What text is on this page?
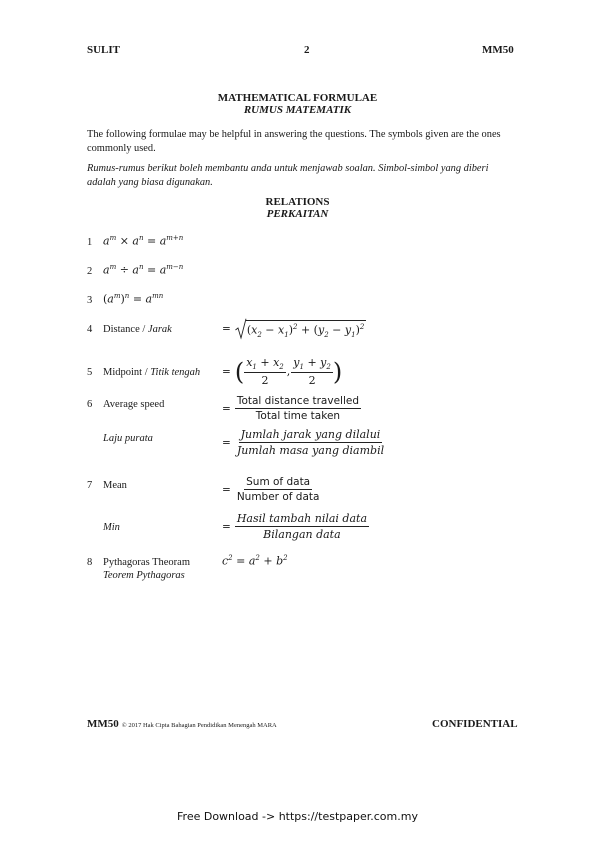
SULIT	2	MM50
MATHEMATICAL FORMULAE
RUMUS MATEMATIK
The following formulae may be helpful in answering the questions. The symbols given are the ones
commonly used.
Rumus-rumus berikut boleh membantu anda untuk menjawab soalan. Simbol-simbol yang diberi
adalah yang biasa digunakan.
RELATIONS
PERKAITAN
1 $a^m \times a^n = a^{m+n}$
2 $a^m \div a^n = a^{m-n}$
3 $(a^m)^n = a^{mn}$
4 Distance / Jarak	= $(x_2 - x_1)^2 + (y_2 - y_1)^2$
5 Midpoint / Titik tengah = ( $\frac{x_1 + x_2}{2}$ , $\frac{y_1 + y_2}{2}$ )
6 Average speed	= $\frac{\text{Total distance travelled}}{\text{Total time taken}}$
Laju purata	= $\frac{\text{Jumlah jarak yang dilalui}}{\text{Jumlah masa yang diambil}}$
7 Mean	= $\frac{\text{Sum of data}}{\text{Number of data}}$
Min	= $\frac{\text{Hasil tambah nilai data}}{\text{Bilangan data}}$
8 Pythagoras Theoram
Teorem Pythagoras
$c^2 = a^2 + b^2$
MM50 © 2017 Hak Cipta Bahagian Pendidikan Menengah MARA	CONFIDENTIAL
Free Download -> https://testpaper.com.my
